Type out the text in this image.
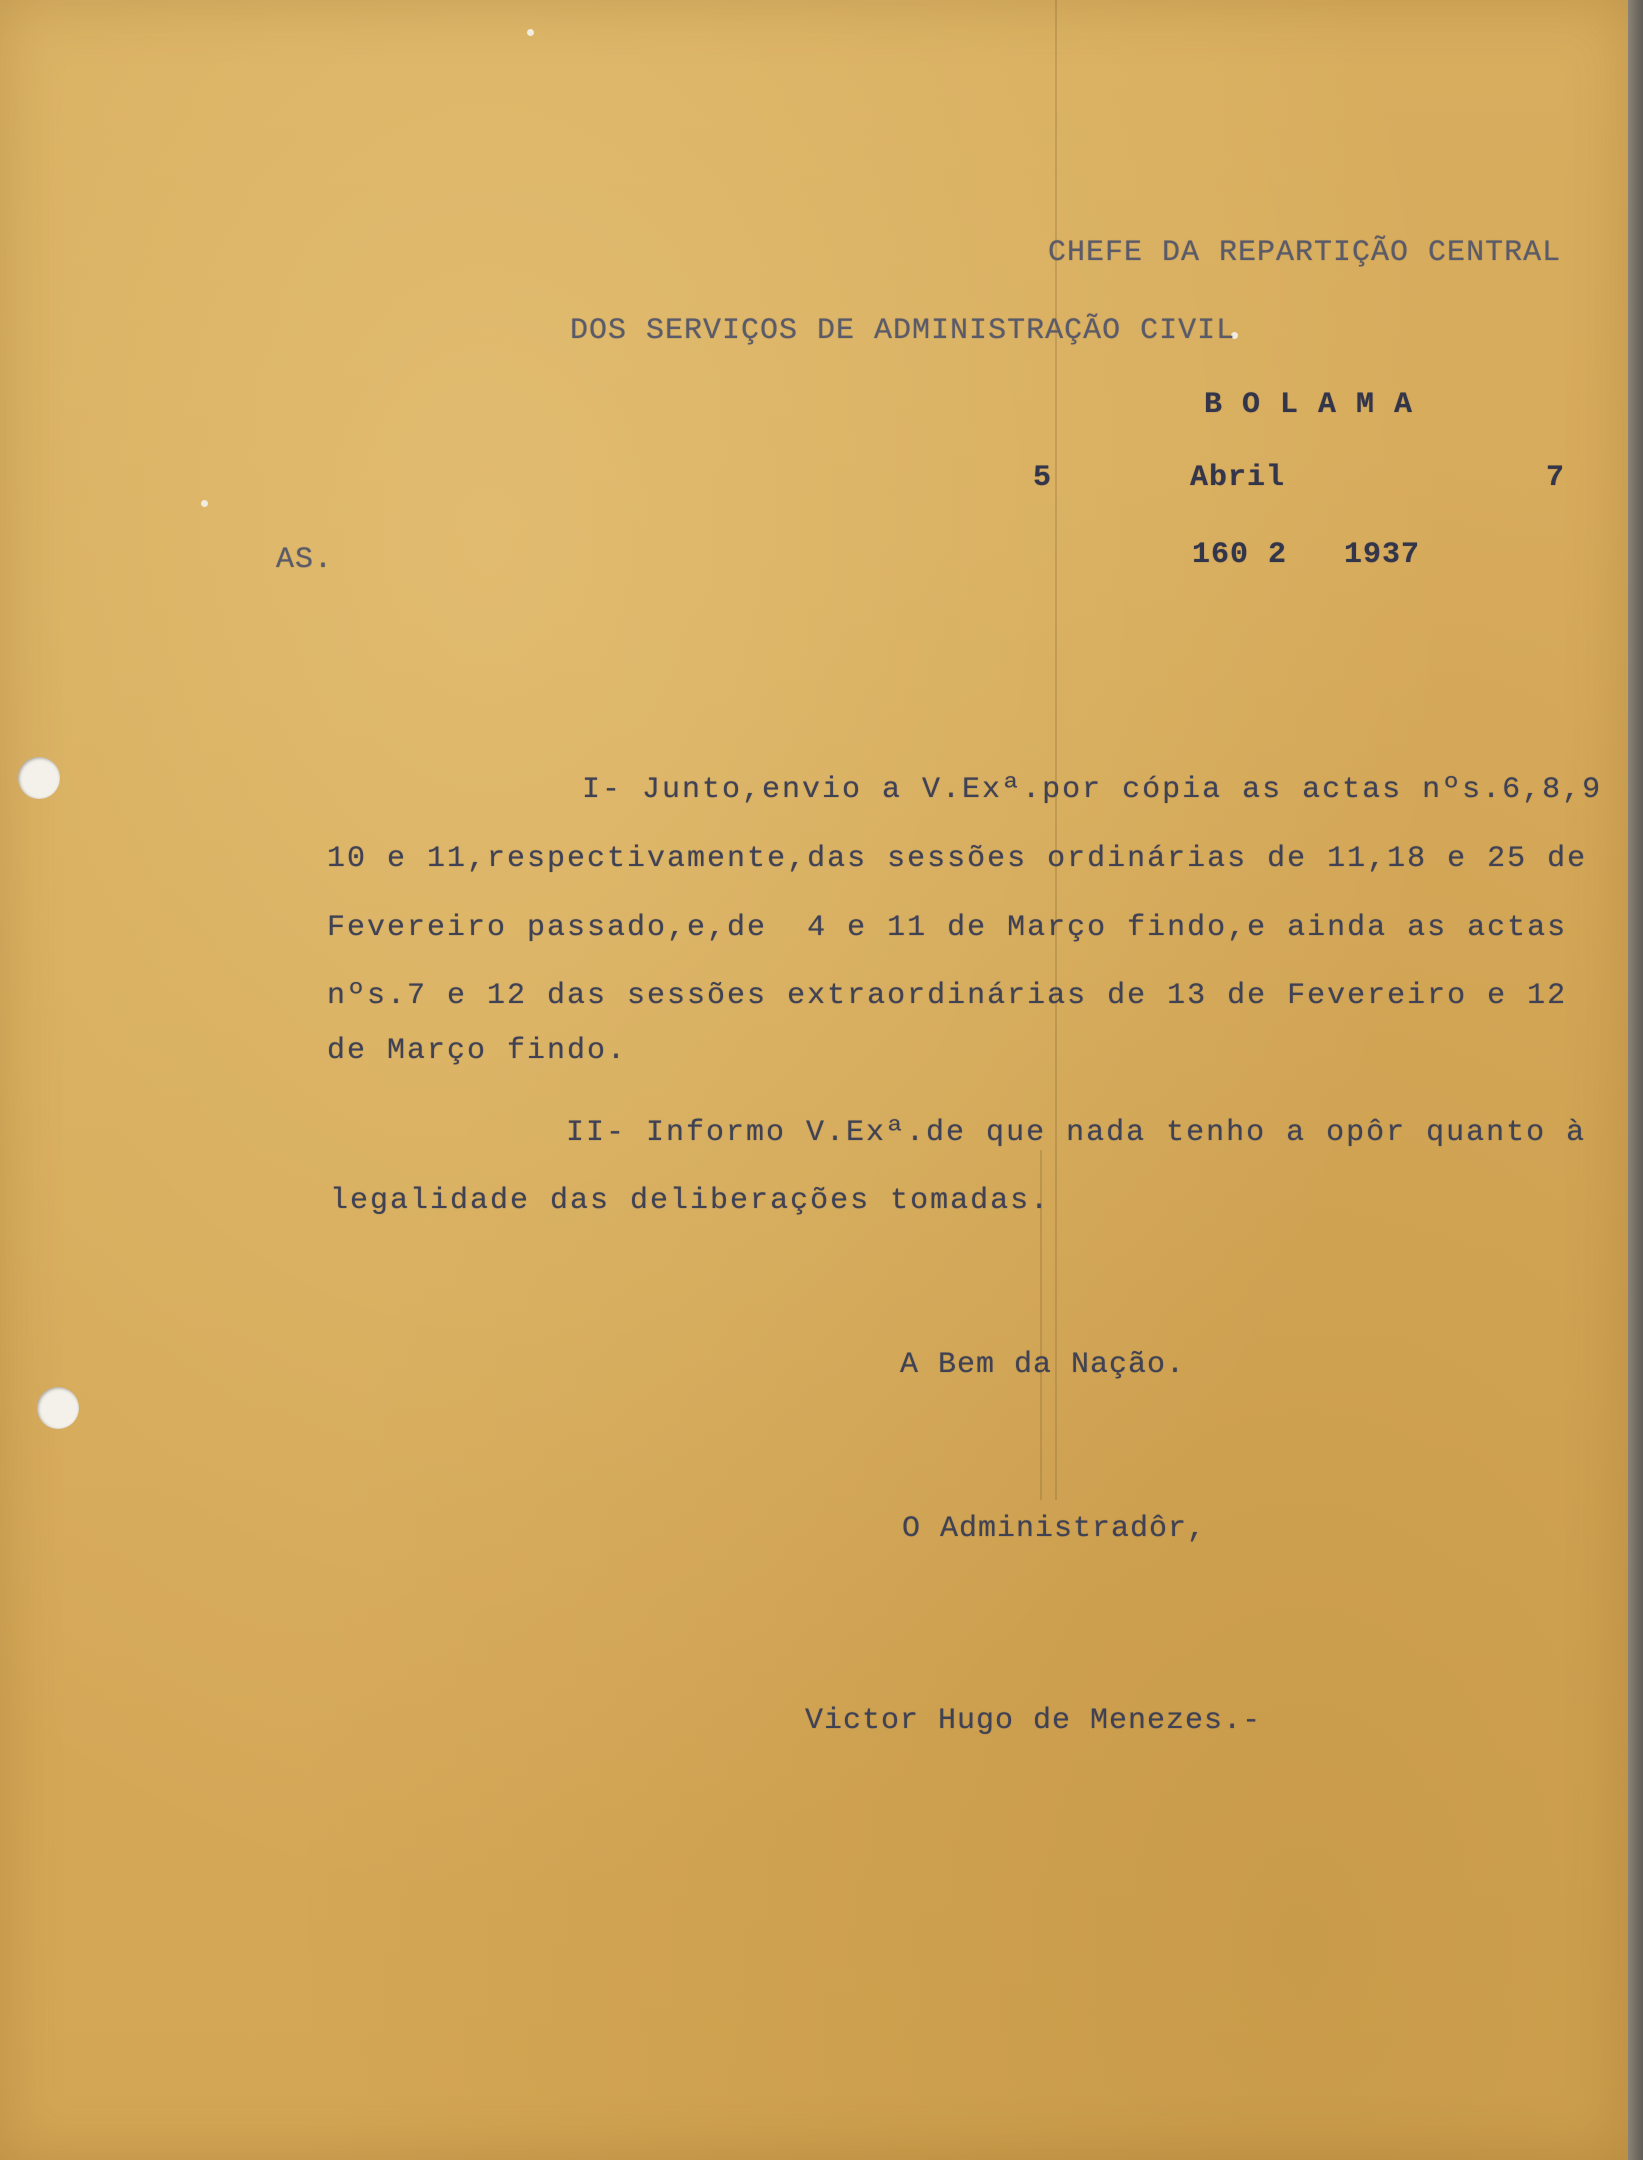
CHEFE DA REPARTIÇÃO CENTRAL
DOS SERVIÇOS DE ADMINISTRAÇÃO CIVIL
B O L A M A
5	Abril	7
AS.	160 2   1937
I- Junto,envio a V.Exª.por cópia as actas nºs.6,8,9
10 e 11,respectivamente,das sessões ordinárias de 11,18 e 25 de
Fevereiro passado,e,de  4 e 11 de Março findo,e ainda as actas
nºs.7 e 12 das sessões extraordinárias de 13 de Fevereiro e 12
de Março findo.
II- Informo V.Exª.de que nada tenho a opôr quanto à
legalidade das deliberações tomadas.
A Bem da Nação.
O Administradôr,
Victor Hugo de Menezes.-
